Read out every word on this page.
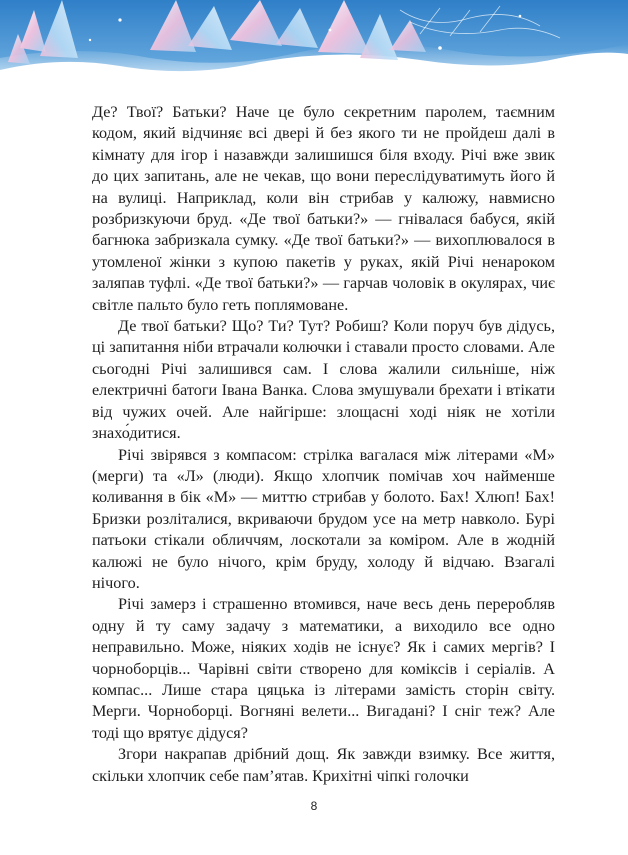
Де? Твої? Батьки? Наче це було секретним паролем, таємним кодом, який відчиняє всі двері й без якого ти не пройдеш далі в кімнату для ігор і назавжди залишишся біля входу. Річі вже звик до цих запитань, але не чекав, що вони переслідуватимуть його й на вулиці. Наприклад, коли він стрибав у калюжу, навмисно розбризкуючи бруд. «Де твої батьки?» — гнівалася бабуся, якій багнюка забризкала сумку. «Де твої батьки?» — вихоплювалося в утомленої жінки з купою пакетів у руках, якій Річі ненароком заляпав туфлі. «Де твої батьки?» — гарчав чоловік в окулярах, чиє світле пальто було геть поплямоване.

Де твої батьки? Що? Ти? Тут? Робиш? Коли поруч був дідусь, ці запитання ніби втрачали колючки і ставали просто словами. Але сьогодні Річі залишився сам. І слова жалили сильніше, ніж електричні батоги Івана Ванка. Слова змушували брехати і втікати від чужих очей. Але найгірше: злощасні ході ніяк не хотіли знахо́дитися.

Річі звірявся з компасом: стрілка вагалася між літерами «М» (мерги) та «Л» (люди). Якщо хлопчик помічав хоч найменше коливання в бік «М» — миттю стрибав у болото. Бах! Хлюп! Бах! Бризки розліталися, вкриваючи брудом усе на метр навколо. Бурі патьоки стікали обличчям, лоскотали за коміром. Але в жодній калюжі не було нічого, крім бруду, холоду й відчаю. Взагалі нічого.

Річі замерз і страшенно втомився, наче весь день переробляв одну й ту саму задачу з математики, а виходило все одно неправильно. Може, ніяких ходів не існує? Як і самих мергів? І чорноборців... Чарівні світи створено для коміксів і серіалів. А компас... Лише стара цяцька із літерами замість сторін світу. Мерги. Чорноборці. Вогняні велети... Вигадані? І сніг теж? Але тоді що врятує дідуся?

Згори накрапав дрібний дощ. Як завжди взимку. Все життя, скільки хлопчик себе пам’ятав. Крихітні чіпкі голочки

8
